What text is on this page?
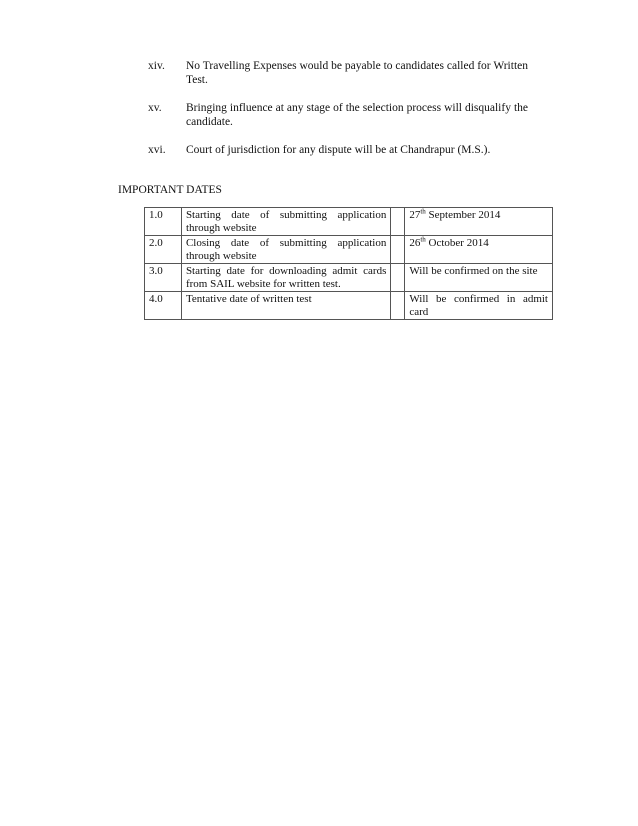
xiv.	No Travelling Expenses would be payable to candidates called for Written Test.
xv.	Bringing influence at any stage of the selection process will disqualify the candidate.
xvi.	Court of jurisdiction for any dispute will be at Chandrapur (M.S.).
IMPORTANT DATES
1.0	Starting date of submitting application through website		27th September 2014
2.0	Closing date of submitting application through website		26th October 2014
3.0	Starting date for downloading admit cards from SAIL website for written test.		Will be confirmed on the site
4.0	Tentative date of written test		Will be confirmed in admit card
